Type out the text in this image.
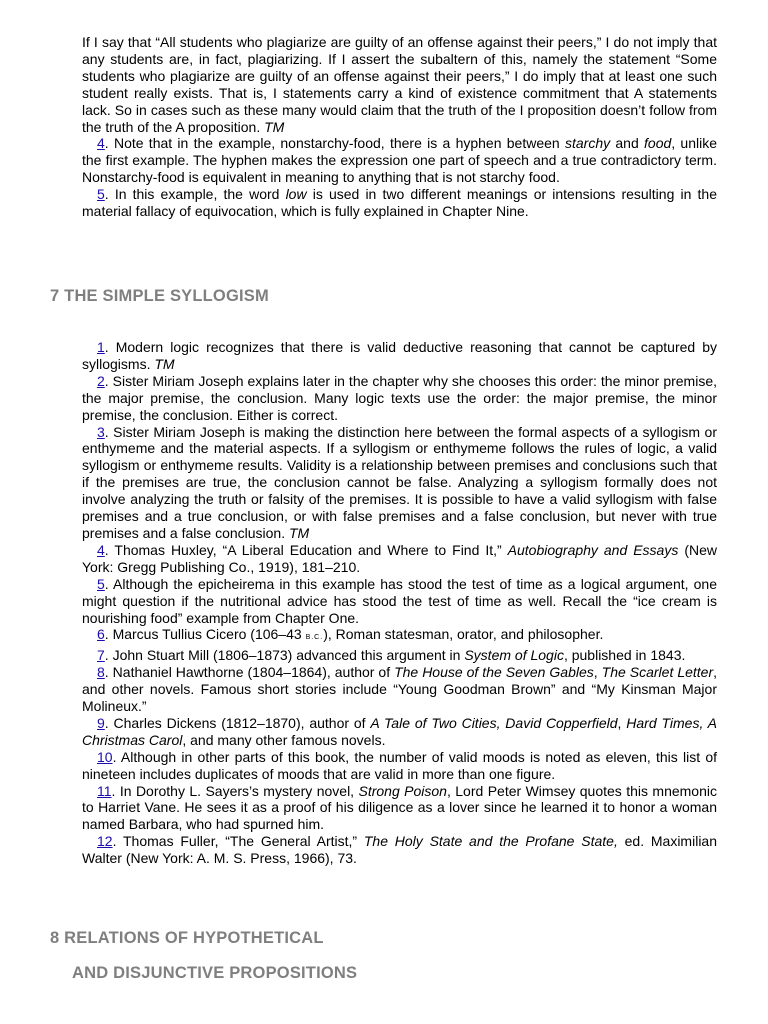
If I say that “All students who plagiarize are guilty of an offense against their peers,” I do not imply that any students are, in fact, plagiarizing. If I assert the subaltern of this, namely the statement “Some students who plagiarize are guilty of an offense against their peers,” I do imply that at least one such student really exists. That is, I statements carry a kind of existence commitment that A statements lack. So in cases such as these many would claim that the truth of the I proposition doesn’t follow from the truth of the A proposition. TM

4. Note that in the example, nonstarchy-food, there is a hyphen between starchy and food, unlike the first example. The hyphen makes the expression one part of speech and a true contradictory term. Nonstarchy-food is equivalent in meaning to anything that is not starchy food.

5. In this example, the word low is used in two different meanings or intensions resulting in the material fallacy of equivocation, which is fully explained in Chapter Nine.

7 THE SIMPLE SYLLOGISM

1. Modern logic recognizes that there is valid deductive reasoning that cannot be captured by syllogisms. TM

2. Sister Miriam Joseph explains later in the chapter why she chooses this order: the minor premise, the major premise, the conclusion. Many logic texts use the order: the major premise, the minor premise, the conclusion. Either is correct.

3. Sister Miriam Joseph is making the distinction here between the formal aspects of a syllogism or enthymeme and the material aspects. If a syllogism or enthymeme follows the rules of logic, a valid syllogism or enthymeme results. Validity is a relationship between premises and conclusions such that if the premises are true, the conclusion cannot be false. Analyzing a syllogism formally does not involve analyzing the truth or falsity of the premises. It is possible to have a valid syllogism with false premises and a true conclusion, or with false premises and a false conclusion, but never with true premises and a false conclusion. TM

4. Thomas Huxley, “A Liberal Education and Where to Find It,” Autobiography and Essays (New York: Gregg Publishing Co., 1919), 181–210.

5. Although the epicheirema in this example has stood the test of time as a logical argument, one might question if the nutritional advice has stood the test of time as well. Recall the “ice cream is nourishing food” example from Chapter One.

6. Marcus Tullius Cicero (106–43 B.C.), Roman statesman, orator, and philosopher.

7. John Stuart Mill (1806–1873) advanced this argument in System of Logic, published in 1843.

8. Nathaniel Hawthorne (1804–1864), author of The House of the Seven Gables, The Scarlet Letter, and other novels. Famous short stories include “Young Goodman Brown” and “My Kinsman Major Molineux.”

9. Charles Dickens (1812–1870), author of A Tale of Two Cities, David Copperfield, Hard Times, A Christmas Carol, and many other famous novels.

10. Although in other parts of this book, the number of valid moods is noted as eleven, this list of nineteen includes duplicates of moods that are valid in more than one figure.

11. In Dorothy L. Sayers’s mystery novel, Strong Poison, Lord Peter Wimsey quotes this mnemonic to Harriet Vane. He sees it as a proof of his diligence as a lover since he learned it to honor a woman named Barbara, who had spurned him.

12. Thomas Fuller, “The General Artist,” The Holy State and the Profane State, ed. Maximilian Walter (New York: A. M. S. Press, 1966), 73.

8 RELATIONS OF HYPOTHETICAL
AND DISJUNCTIVE PROPOSITIONS
